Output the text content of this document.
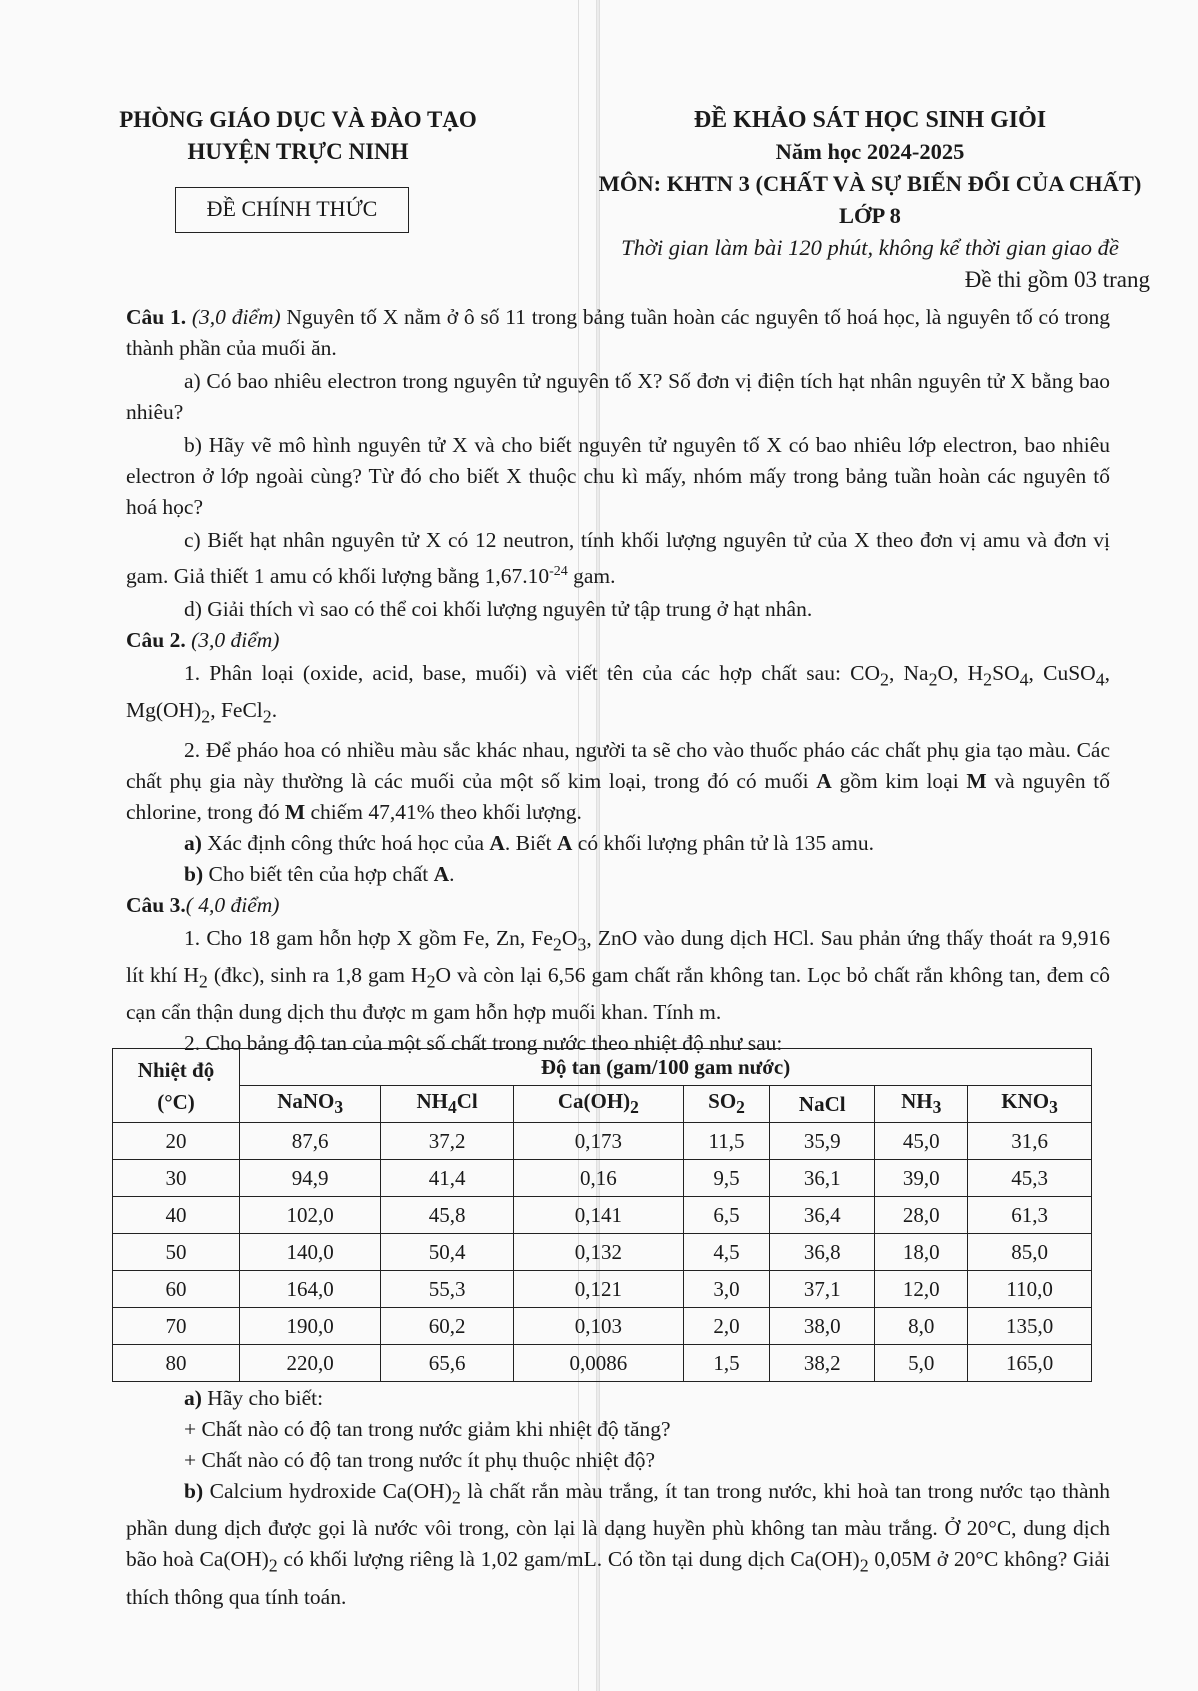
PHÒNG GIÁO DỤC VÀ ĐÀO TẠO
HUYỆN TRỰC NINH
ĐỀ CHÍNH THỨC
ĐỀ KHẢO SÁT HỌC SINH GIỎI
Năm học 2024-2025
MÔN: KHTN 3 (CHẤT VÀ SỰ BIẾN ĐỔI CỦA CHẤT)
LỚP 8
Thời gian làm bài 120 phút, không kể thời gian giao đề
Đề thi gồm 03 trang

Câu 1. (3,0 điểm) Nguyên tố X nằm ở ô số 11 trong bảng tuần hoàn các nguyên tố hoá học, là nguyên tố có trong thành phần của muối ăn.

a) Có bao nhiêu electron trong nguyên tử nguyên tố X? Số đơn vị điện tích hạt nhân nguyên tử X bằng bao nhiêu?

b) Hãy vẽ mô hình nguyên tử X và cho biết nguyên tử nguyên tố X có bao nhiêu lớp electron, bao nhiêu electron ở lớp ngoài cùng? Từ đó cho biết X thuộc chu kì mấy, nhóm mấy trong bảng tuần hoàn các nguyên tố hoá học?

c) Biết hạt nhân nguyên tử X có 12 neutron, tính khối lượng nguyên tử của X theo đơn vị amu và đơn vị gam. Giả thiết 1 amu có khối lượng bằng $1,67.10^{-24}$ gam.

d) Giải thích vì sao có thể coi khối lượng nguyên tử tập trung ở hạt nhân.

Câu 2. (3,0 điểm)

1. Phân loại (oxide, acid, base, muối) và viết tên của các hợp chất sau: $CO_2$, $Na_2O$, $H_2SO_4$, CuSO$_4$, $Mg(OH)_2$, FeCl$_2$.

2. Để pháo hoa có nhiều màu sắc khác nhau, người ta sẽ cho vào thuốc pháo các chất phụ gia tạo màu. Các chất phụ gia này thường là các muối của một số kim loại, trong đó có muối A gồm kim loại M và nguyên tố chlorine, trong đó M chiếm 47,41% theo khối lượng.

a) Xác định công thức hoá học của A. Biết A có khối lượng phân tử là 135 amu.

b) Cho biết tên của hợp chất A.

Câu 3.( 4,0 điểm)

1. Cho 18 gam hỗn hợp X gồm Fe, Zn, $Fe_2O_3$, ZnO vào dung dịch HCl. Sau phản ứng thấy thoát ra 9,916 lít khí $H_2$ (đkc), sinh ra 1,8 gam $H_2O$ và còn lại 6,56 gam chất rắn không tan. Lọc bỏ chất rắn không tan, đem cô cạn cẩn thận dung dịch thu được m gam hỗn hợp muối khan. Tính m.

2. Cho bảng độ tan của một số chất trong nước theo nhiệt độ như sau:

Nhiệt độ
(°C)	Độ tan (gam/100 gam nước)						
	NaNO$_3$	$NH_4Cl$	$Ca(OH)_2$	$SO_2$	NaCl	$NH_3$	$KNO_3$
20	87,6	37,2	0,173	11,5	35,9	45,0	31,6
30	94,9	41,4	0,16	9,5	36,1	39,0	45,3
40	102,0	45,8	0,141	6,5	36,4	28,0	61,3
50	140,0	50,4	0,132	4,5	36,8	18,0	85,0
60	164,0	55,3	0,121	3,0	37,1	12,0	110,0
70	190,0	60,2	0,103	2,0	38,0	8,0	135,0
80	220,0	65,6	0,0086	1,5	38,2	5,0	165,0

a) Hãy cho biết:

+ Chất nào có độ tan trong nước giảm khi nhiệt độ tăng?

+ Chất nào có độ tan trong nước ít phụ thuộc nhiệt độ?

b) Calcium hydroxide $Ca(OH)_2$ là chất rắn màu trắng, ít tan trong nước, khi hoà tan trong nước tạo thành phần dung dịch được gọi là nước vôi trong, còn lại là dạng huyền phù không tan màu trắng. Ở 20°C, dung dịch bão hoà $Ca(OH)_2$ có khối lượng riêng là 1,02 gam/mL. Có tồn tại dung dịch $Ca(OH)_2$ 0,05M ở 20°C không? Giải thích thông qua tính toán.
